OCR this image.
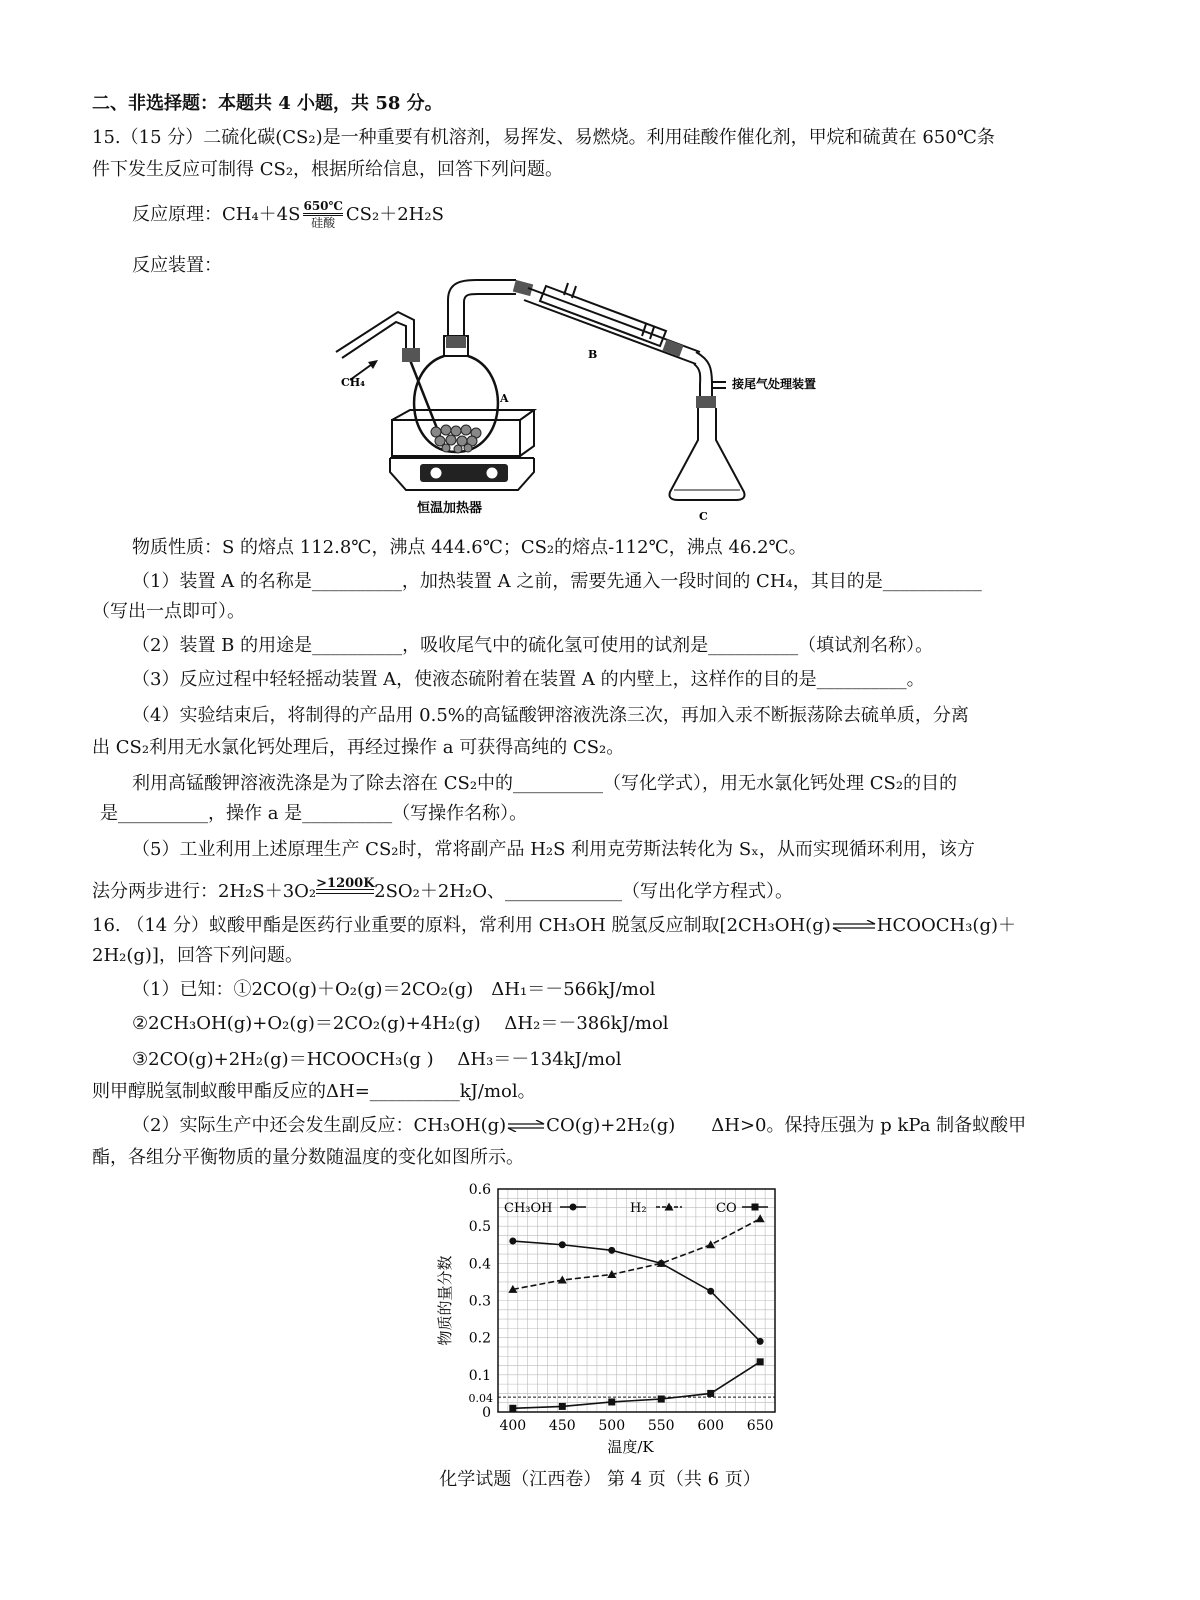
二、非选择题：本题共 4 小题，共 58 分。
15.（15 分）二硫化碳(CS₂)是一种重要有机溶剂，易挥发、易燃烧。利用硅酸作催化剂，甲烷和硫黄在 650℃条
件下发生反应可制得 CS₂，根据所给信息，回答下列问题。
反应原理：$CH_4+4S \frac{650℃}{\text{硅酸}} CS_2+2H_2S$
反应装置：
CH₄
A
B
接尾气处理装置
C
恒温加热器
物质性质：S 的熔点 112.8℃，沸点 444.6℃；CS₂的熔点-112℃，沸点 46.2℃。
（1）装置 A 的名称是__________，加热装置 A 之前，需要先通入一段时间的 CH₄，其目的是___________
（写出一点即可）。
（2）装置 B 的用途是__________，吸收尾气中的硫化氢可使用的试剂是__________（填试剂名称）。
（3）反应过程中轻轻摇动装置 A，使液态硫附着在装置 A 的内壁上，这样作的目的是__________。
（4）实验结束后，将制得的产品用 0.5%的高锰酸钾溶液洗涤三次，再加入汞不断振荡除去硫单质，分离
出 CS₂利用无水氯化钙处理后，再经过操作 a 可获得高纯的 CS₂。
利用高锰酸钾溶液洗涤是为了除去溶在 CS₂中的__________（写化学式），用无水氯化钙处理 CS₂的目的
是__________，操作 a 是__________（写操作名称）。
（5）工业利用上述原理生产 CS₂时，常将副产品 H₂S 利用克劳斯法转化为 Sₓ，从而实现循环利用，该方
法分两步进行：2H₂S＋3O₂ >1200K 2SO₂＋2H₂O、_____________（写出化学方程式）。
16. （14 分）蚁酸甲酯是医药行业重要的原料，常利用 CH₃OH 脱氢反应制取[2CH₃OH(g)⇌HCOOCH₃(g)＋
2H₂(g)]，回答下列问题。
（1）已知：①2CO(g)＋O₂(g)＝2CO₂(g)　ΔH₁＝－566kJ/mol
②2CH₃OH(g)+O₂(g)＝2CO₂(g)+4H₂(g)　 ΔH₂＝－386kJ/mol
③2CO(g)+2H₂(g)＝HCOOCH₃(g )　 ΔH₃＝－134kJ/mol
则甲醇脱氢制蚁酸甲酯反应的ΔH=__________kJ/mol。
（2）实际生产中还会发生副反应：CH₃OH(g)⇌CO(g)+2H₂(g)　　ΔH>0。保持压强为 p kPa 制备蚁酸甲
酯，各组分平衡物质的量分数随温度的变化如图所示。
0
0.1
0.2
0.3
0.4
0.5
0.6
0.04
400 450 500 550 600 650
温度/K
物质的量分数
CH₃OH	H₂	CO
化学试题（江西卷） 第 4 页（共 6 页）
